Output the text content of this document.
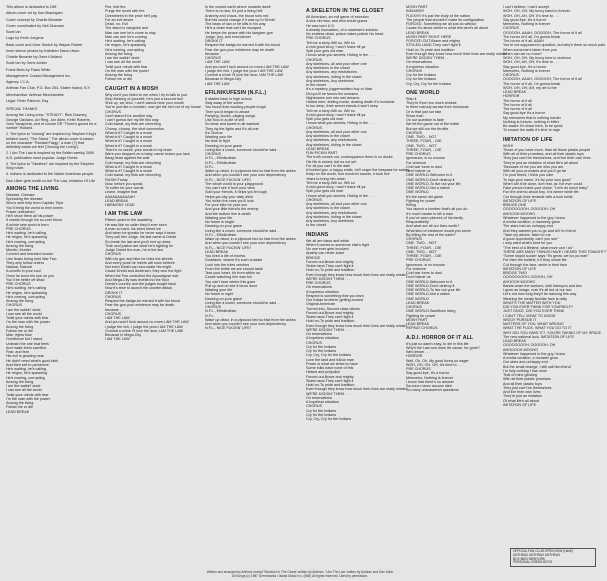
This album is dedicated to Cliff.
Album cover art by Dan Brauhgam
Cover concept by Charlie Benante
Cover coordinated by Neil Zlozower
Scott Ian
Logo by Kevin Jorgens
Back cover and Liner Sketch by Wayne Robert
Inner sleeve photos by Kathleen Dana Lifson
Charlie Benante by Gene Kirkland
Scott Ian by Gene Amber
Frank Bello by Frank White
Management: Crazed Management Inc.
Agency: I.C.A.
Anthrax Fan Club, P.O. Box 254, Staten Island, N.Y.
Merchandise: Anthrax Merchandise
Legal: Peter Paterno, Esq.
SPECIAL THANKS
Among the Living crew: "STEADY", Rick Downey, George Gaviano, Art Ring, Jon Allen, Keith Roberts, John Yanaporta, and of course DR "There's gonna be a rumble" Holland.
1. The lyrics to "Among" are inspired by Stephen King's brilliant novel, "The Stand." The album cover is based on the character "Randall Flagg," a man (?) that definitely exists we feel ("Among the Living").
2. I Am The Law is inspired by the British weekly 2000 A.D. publication most popular: Judge Dredd.
3. The lyrics to "Skeleton" are inspired by the Stephen King novel.
4. Indians is dedicated to the Native American people.
Dan Lilker gets credit on Ant The Law, Imitation Of Life
AMONG THE LIVING
Disease, Disease
Spreading the disease
Who's sent help from Captain Trips
You'll bring the world to their knees
Power unleashed
He'll show them all his power
It crawls through his so-cold blood
A whole new world is born
PRE CHORUS
He's waiting, he's calling
He reigns, he's spawning
He's coming, corrupting
Among the living
Murder, Murder
Convert and branded murder
Like Nazis being held War Two
They only follow orders
Natural, Natural
A crucifix in your soul
Once he turns his eye on you
You'll be better off dead
PRE CHORUS
He's waiting, he's calling
He reigns, he's spawning
He's coming, corrupting
Among the living
CHORUS
I am the walkin' dude
I can see all the world
Twist your minds with fear
I'm the man with the power
Among the living
Follow me or die
Man, fights flow
Overthrow! but I stand
Unleash the one that feels
And make them sacrifice
Fear, and fear
His evil is growing near
He didn't need what's good faith
And then sell to persevere
He's waiting, he's calling
He reigns, he's spawning
He's coming, corrupting
Among the living
I am the walkin' dude
I can see all the world
Twist your minds with fear
I'm the man with the power
Among the living
Follow me or die
LEAD BREAK
Fire, feel fire
Purge the world with fire
Overwhelm in the price he'll pay
For an evil desire
Dead, no, Evil
The stand is vanquish and
Man can see he's come to stay
Man can see he's coming
He's waiting, he's calling
He reigns, he's spawning
He's coming, corrupting
Among the living
I am the walkin' dude
I can see all the world
Twist your minds with fear
I'm the man with the power
Among the living
Follow me or die
CAUGHT IN A MOSH
Why don't you listen to me when I try to talk to you
Stop thinking of yourself, he's just a second fool
Shut up, we shut, I don't wanna hear your mouth
You're just like a monster, now get the hell out of my house
CHORUS
Can't stand it for another day
I can't gonna live my life this way
Cold sweat, my fists are clenching
Chomp, chomp, the shot convention
What is it? Caught in a mosh
What is it? Caught in a mosh
What is it? Caught in a mosh
What is it? Caught in a mosh
There's no doubt, your words in my brain
Were you dropped on a baby, cause brains you lack
Bang head against the wall
Cold sweat, my fists are clenching
What is it? Caught in a mosh
What is it? Caught in a mosh
Cold sweat, my fists are clenching
RUSH! Frosty
Now, before you speak
To suffer for your words
Leave, imagine that
AAAAAAAAAAAH
LEAD BREAK
HARMONY LEAD
I AM THE LAW
Fifteen years in the academy
He was like no caller they'd ever seen
A man so hard, his veins bleed ice
And when he speaks he never says it twice
They call him Judge, his last name is Dredd
So break the law and you'll end up dead
Truth and justice are what he's fighting for
Judge Dredd the man, he is the law
CHORUS
With his gun and bike he rides the streets
And every punk he meets will soon believe
Not even Death can excruciate his might
Cause Dredd and Anderson, they won the fight
When the Fon controlled the Apocalypse war
And Mega-City was levelled to the floor
Dredd's country and the judges fought back
Now it's time to launch the counter attack
DROKK IT
CHORUS
Respect the badge-he earned it with his blood
Fear the gun-your existence may be death
because . . .
CHORUS
I AM THE LAW
And you won't fuck around no more-I AM THE LAW
I judge the rich, I judge the poor-I AM THE LAW
Commit a crime I'll lock the door-I AM THE LAW
Because in Mega-City
I AM THE LAW
In the cursed earth where mutants dwell
There is no law, it's just a living hell
Anarchy and chaos, the blood runs red
But this would change if it was up to Dredd
The basis of law or he kills in his way
He's a chain that can't be escaped
He keeps the peace with his lawgiver gun
Judge, jury, and executioner
DROKK IT
Respect the badge-he earned it with his blood
Fear the gun-your existence may be death
because . . .
CHORUS
I AM THE LAW
And you won't fuck around no more-I AM THE LAW
I judge the rich, I judge the poor-I AM THE LAW
Commit a crime I'll lock the door-I AM THE LAW
Because in Mega-City
I AM THE LAW
EFILNIKUFESIN (N.F.L.)
It started back in high school
Stay away of the scene
You found that mocking people tough
Then you'd began to abuse
Partying, booze, playing songs
Like Noo in a pile of shit
So fame and sweet in all warmed
They rig the lights and it's all one
It's Chorus
Wasting your life
No time to fight
Dancing on your grave
Living like a clown, someone should've said . . .
CHORUS
N.F.L., Efilnikufesin
N.F.L., Efilnikufesin
N.F.L.
Wake up dead, in a plywood bed so fast from the ashes
And when you couldn't see your own dependency
N.F.L., NICE FUCKIN' LIFE!
The whole world is your playground
You can't see it from your view
Sold your friends, it helps you through
Helps you dig your daily ditch
You kickin the ones you'll look
For your bike for your son
And your little friend's the enemy
And the bottom line is death
Wasting your life
No future is bright
Dancing on your grave
Living like a clown, someone should've said . . .
N.F.L., Efilnikufesin
Wake up dead, in a plywood bed so fast from the ashes
And when you couldn't see your own dependency
N.F.L., NICE FUCKIN' LIFE!
LEAD BREAK
You lived a life of excess
Goddamn, shame it's such a waste
Look into the rules vendors
From the bottle we are should taste
Tear your heart, it's from within us
Cause watching him was fun
You can't hear where this goes
Pull up and on see it know done
Wasting your life
No future in sight
Dancing on your grave
Living like a clown, someone should've said . . .
CHORUS
N.F.L., Efilnikufesin
N.F.L.
Wake up dead, in a plywood bed so fast from the ashes
And when you couldn't see your own dependency
N.F.L., NICE FUCKIN' LIFE!
A SKELETON IN THE CLOSET
All American, an evil game of extortion
A sick old man, and who would guess
He was born U.S.
A deadly foundation, of a madman's solution
No endless dead, poison takes pollute his head
PRE CHORUS
Tell me a story-Will so, Will so
A real good story, I won't leave till ya
Spill your guts old man
I know what you secrets, Hiding in the . . .
CHORUS
Any skeletons, all and your other one
Any skeletons in the closet
Any skeletons, any misfortunes
Any skeletons, hiding in the closet
Any skeletons, Any skeletons
In the closet
It's a mystery, juggernautism boy or Nazi
Did you'll he favors the screams
Nightmares turn into wet dreams
Hatred here, feeling inside, dealing death it's homicide
In too deep, their secret stands it won't keep
Tell me a story-Will so, Will so
A real good story, I won't leave till ya
Spill your guts old man
I know what you secrets, Hiding in the . . .
CHORUS
Any skeletons, all and your other one
Any skeletons in the closet
Any skeletons, any misfortunes
Any skeletons, hiding in the closet
LEAD BREAK
FUN PICKIN PART
The truth comes out, comeuppance there is no doubt
His life is ruined, but so not yet
For all you can't in the dark
A hunted gun, a happy smile, he'll crape the trespass for saving
Keep on the world, four hundred rounds, it took five
Years to bring him down
Tell me a story-Will so, Will so
A real good story, I won't leave till ya
Spill your guts old man
I know what you secrets, Hiding in the . . .
CHORUS
Any skeletons, all and your other one
Any skeletons in the closet
Any skeletons, any misfortunes
Any skeletons, hiding in the closet
Any skeletons, Any skeletons
In the closet
INDIANS
We all are black and white
When it comes to someone else's fight
No one ever gets involved
Apathy can never solve
BRIDGE
Forced out-Brave and mighty
Stolen land-They can't fight it
Hold on-To pride and tradition
Even though they know how much their lives are really missin'
WE'RE DIGGIN' THEM . . .
PRE CHORUS
On reservations
A hopeless situation
Respect is something that you earn
Our Indian brothers' getting burned
Original American
Turned into, Second class citizen
Forced out-Brave and mighty
Stolen land-They can't fight it
Hold on-To pride and tradition
Even though they know how much their lives are really missin'
WE'RE DIGGIN' THEM . . .
On reservations
A hopeless situation
CHORUS
Cry for the Indians
Cry for the Indians
Cry, Cry, Cry for the Indians
Love the land and follow man
Power is what we strive to have
Some folks have none of this
Hatred and prejudice
Forced out-Brave and mighty
Stolen land-They can't fight it
Hold on-To pride and tradition
Even though they know how much their lives are really missin'
WE'RE DIGGIN' THEM . . .
On reservations
A hopeless situation
CHORUS
Cry for the Indians
Cry for the Indians
Cry, Cry, Cry for the Indians
MOSH PART
INDIANS!!!
FUCK!!!!! It's just the body of the nation
The people that shouldn't make its configuration
FORCED, Something we all just do without
Cause it's about where is what this land's all about
LEAD BREAK
MOSH PART RIGHT HERE
FORCED OUT-Brave and mighty
STOLEN LAND-They can't fight it
Hold on-To pride and tradition
Even though they know how much their lives are really missin'
WE'RE DIGGIN' THEM . . .
On reservations
A hopeless situation
CHORUS
Cry for the Indians
Cry for the Indians
Cry, Cry, Cry for the Indians
ONE WORLD
Step it
They're Even too much shrieks
Is there nobody across from holocaust
Or is that just our fate
Show man
On our question is fade
We let the game out of the bottle
But we still run the throttle
CHORUS
ONE, TWO, - NOT
THREE, FOUR, - DIE
ONE, TWO, - NOT
THREE, FOUR, - DIE
PRE CHORUS
Ignorance, is no excuse
For violence
Cold war turns to dust
Don't blame us
ONE WORLD-Welcome to it
ONE WORLD-Don't destroy it
ONE WORLD-To live out your life
ONE WORLD-Not a nation
ONE WORLD
It's the same old game
Fighting for power
Killing
You launch a bomber that's all you do
It's much harder to kill a man
If you've seen pictures of his family
Responsibility
And what are all our lives worth?
What kind of existence would you serve
By killing the rest of the earth?
CHORUS
ONE, TWO, - NOT
THREE, FOUR, - DIE
ONE, TWO, - NOT
THREE, FOUR, - DIE
PRE CHORUS
Ignorance, is no excuse
For violence
Cold war turns to dust
Don't blame us
ONE WORLD-Welcome to it
ONE WORLD-Don't destroy it
ONE WORLD-To live out your life
ONE WORLD-Not a nation
ONE WORLD
LEAD BREAK
CHORUS
ONE WORLD-Sacrifices living
Fighting for power
MOSH PART
LEAD BREAK
REPEAT CHORUS
A.D.I. HORROR OF IT ALL
It's just so damn easy, to die in this life
Why'll the Law and does it's cause, for gone?
Wet dream . . .
HORROR
Well, Oh, Oh, My good funny so eager
WOH, OH, OH, OH, It's time to . . .
PRE CHORUS
Say good-bye, it's a horror
Memories, Nothing is forever
I know that there's no answer
Sa vous n'avez aucune idée
So many unanswered questions
I can't believe, I can't accept
WOH, OH, OH, My funny hand to forever
WOH, OH, AH, OH, It's time to . . .
Say good-bye, it's a horror
Memories, Nothing is forever
CHORUS
OOOOOH, AAAH, OOOOOH, The horror of it all
The horror of it all, I'm gonna break
The horror of it all, AAAH
You're not supposed to question, but why's there so much pain
When someone's taken from you
When can we no more?
WOH, OH, OH, My funny tune to violence
WOH, OH, AH, OH, It's time to . . .
Say good-bye, It's a horror
Memories, Nothing is forever
CHORUS
OOOOOH, AAAH, OOOOOH, The horror of it all
The horror of it all, I'm gonna break
WOH, OH, OH, AH, my art to the
LEAD BREAK
HORROR
The horror of it all
The horror of it all
The horror of it all
Say good-bye it's a horror
My memories that is nothing harder
Nothing is forever, nothing in bitter
Be aware I'm down here, to be quick
To smash the walls it's time to rage
IMITATION OF LIFE
WOH!
Those of you have more, than all those plastic people
With all of their promises, and all their plastic toys
They just can't be themselves, and live their own lives
They're just an imitation of what life's all about
"Because of me you are who you are
With all your promises and you'll go far
I'm your friend, I think you care
To sign your name, it's for your own good"
When will it be done, isn't real, as I've ever could
Fake person fuses your vision, "Let's do lunch baby"
Fun the chemo about fury, it is where while life
Car through their tentacle with a fuck smile
IMITATION OF LIFE
BRIDGE ONE
OOOOOOOOH, OOOOOH, OH
AHOOOH WOOHG
Whatever happened to the guy I knew
A media creation, a mannerly grow
The stars had an unhappy end
And they wanted you to go and tell I'm friend
"Take my advice, listen to me
A good opportunity, can't you see"
I only want what's best for you
"The best of a lifetime, what more can I do"
THERE ARE MANY THINGS HAVE I HEARD THIS TONIGHT?"
"Some stupid sucker says "It's great, we luv ya man"
For then the bullshit, it if they whole life
Cut through the face, smile in their face
IMITATION OF LIFE
BRIDGE TWO
OOOOOOOOH, OOOOH, OH
AHOOOH WOOHG
Bands down the workers, with hamsyvo and two
I grow an image, now it's all but of our two
Let's not how long they'll be dancing this way
Wearing the meaty familiar face is daily
WHAT'S THE MATTER WITH YOU
DID YOU EVER THINK FOR YOURSELF?
JUST ONCE, DID YOU EVER THINK
I CAN'T TELL WHAT TO KNOW
WIGGY PURSUE IT
MATTERS OF YOU, WHAT WRONG
WHAT THE FUCK, WHAT YOU DO TO IT
WHY DID YOU HAVE IT?, YOU'RE TAKING OF MY SPACE
The new national fuck, IMITATION OF LIFE
LEAD BREAK
OOOOOOOOH, OOOOOH, OH
AHOOOOH WOOHG
Whatever happened to the guy I knew
A media creation, a monster grow
Our stars and unhappy end
But the small change, I still call him friend
I'm holy nothing I has none
That of mine glowing
With all their plastic promises
And all their plastic toys
They just can't be themselves
And live their own lives
They're just an imitation
Of what life's all about
IMITATION OF LIFE
OFFICIAL FAN CLUB OPEN NOW (Hard!)
ANTHRAX ANTHRAX ANTHRAX
BOX 8603 NEWYORK
PERSONAL GREEN BOYS
Written and arranged by Anthrax except 'Skeleton In The Closet' written by Anthrax, 'I Am The Law' written by Anthrax and Dan Lilker
All Songs (c) 1987 Greenbanks / Island Music Inc. (BMI) All rights reserved. Used by permission.
